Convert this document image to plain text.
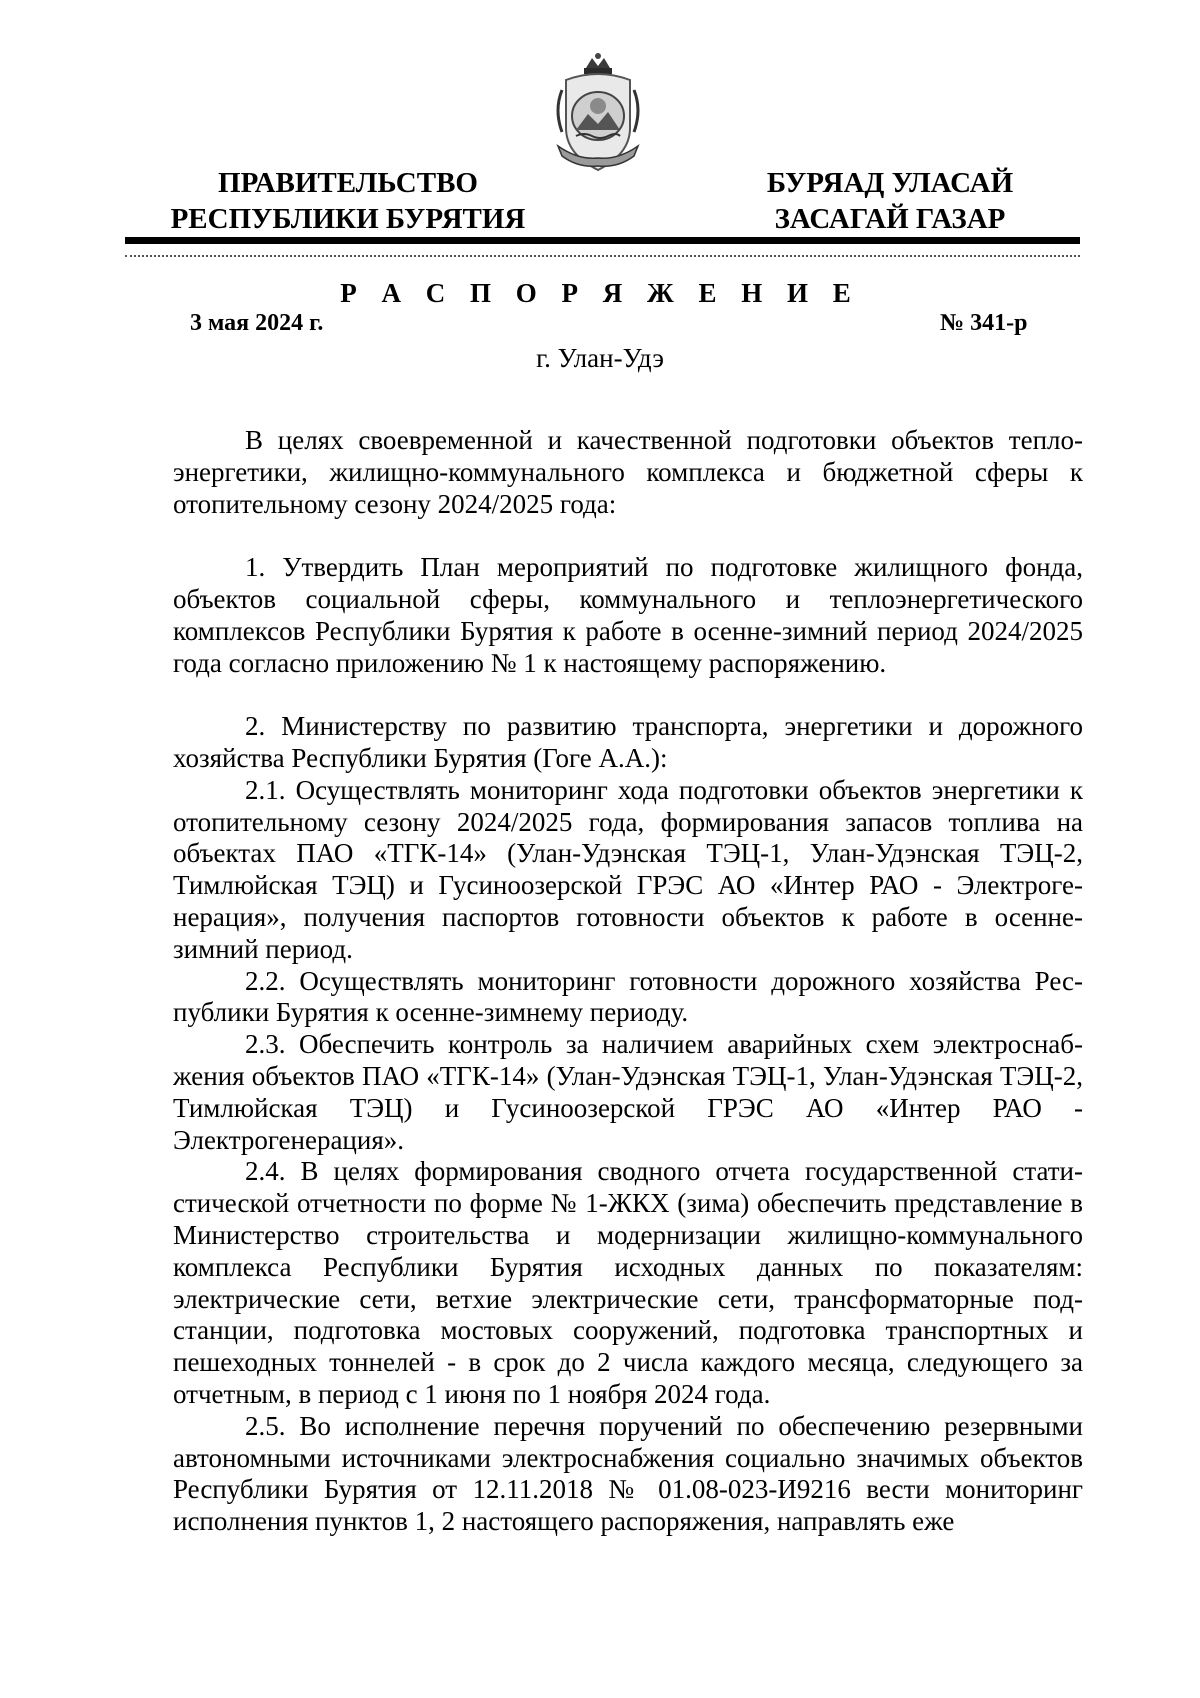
ПРАВИТЕЛЬСТВО
РЕСПУБЛИКИ БУРЯТИЯ
БУРЯАД УЛАСАЙ
ЗАСАГАЙ ГАЗАР
Р А С П О Р Я Ж Е Н И Е
3 мая 2024 г.	№ 341-р
г. Улан-Удэ

В целях своевременной и качественной подготовки объектов теплоэнергетики, жилищно-коммунального комплекса и бюджетной сферы к отопительному сезону 2024/2025 года:

1. Утвердить План мероприятий по подготовке жилищного фонда, объектов социальной сферы, коммунального и теплоэнергетического комплексов Республики Бурятия к работе в осенне-зимний период 2024/2025 года согласно приложению № 1 к настоящему распоряжению.

2. Министерству по развитию транспорта, энергетики и дорожного хозяйства Республики Бурятия (Гоге А.А.):

2.1. Осуществлять мониторинг хода подготовки объектов энергетики к отопительному сезону 2024/2025 года, формирования запасов топлива на объектах ПАО «ТГК-14» (Улан-Удэнская ТЭЦ-1, Улан-Удэнская ТЭЦ-2, Тимлюйская ТЭЦ) и Гусиноозерской ГРЭС АО «Интер РАО - Электрогенерация», получения паспортов готовности объектов к работе в осенне-зимний период.

2.2. Осуществлять мониторинг готовности дорожного хозяйства Республики Бурятия к осенне-зимнему периоду.

2.3. Обеспечить контроль за наличием аварийных схем электроснабжения объектов ПАО «ТГК-14» (Улан-Удэнская ТЭЦ-1, Улан-Удэнская ТЭЦ-2, Тимлюйская ТЭЦ) и Гусиноозерской ГРЭС АО «Интер РАО - Электрогенерация».

2.4. В целях формирования сводного отчета государственной статистической отчетности по форме № 1-ЖКХ (зима) обеспечить представление в Министерство строительства и модернизации жилищно-коммунального комплекса Республики Бурятия исходных данных по показателям: электрические сети, ветхие электрические сети, трансформаторные подстанции, подготовка мостовых сооружений, подготовка транспортных и пешеходных тоннелей - в срок до 2 числа каждого месяца, следующего за отчетным, в период с 1 июня по 1 ноября 2024 года.

2.5. Во исполнение перечня поручений по обеспечению резервными автономными источниками электроснабжения социально значимых объектов Республики Бурятия от 12.11.2018 № 01.08-023-И9216 вести мониторинг исполнения пунктов 1, 2 настоящего распоряжения, направлять еже
